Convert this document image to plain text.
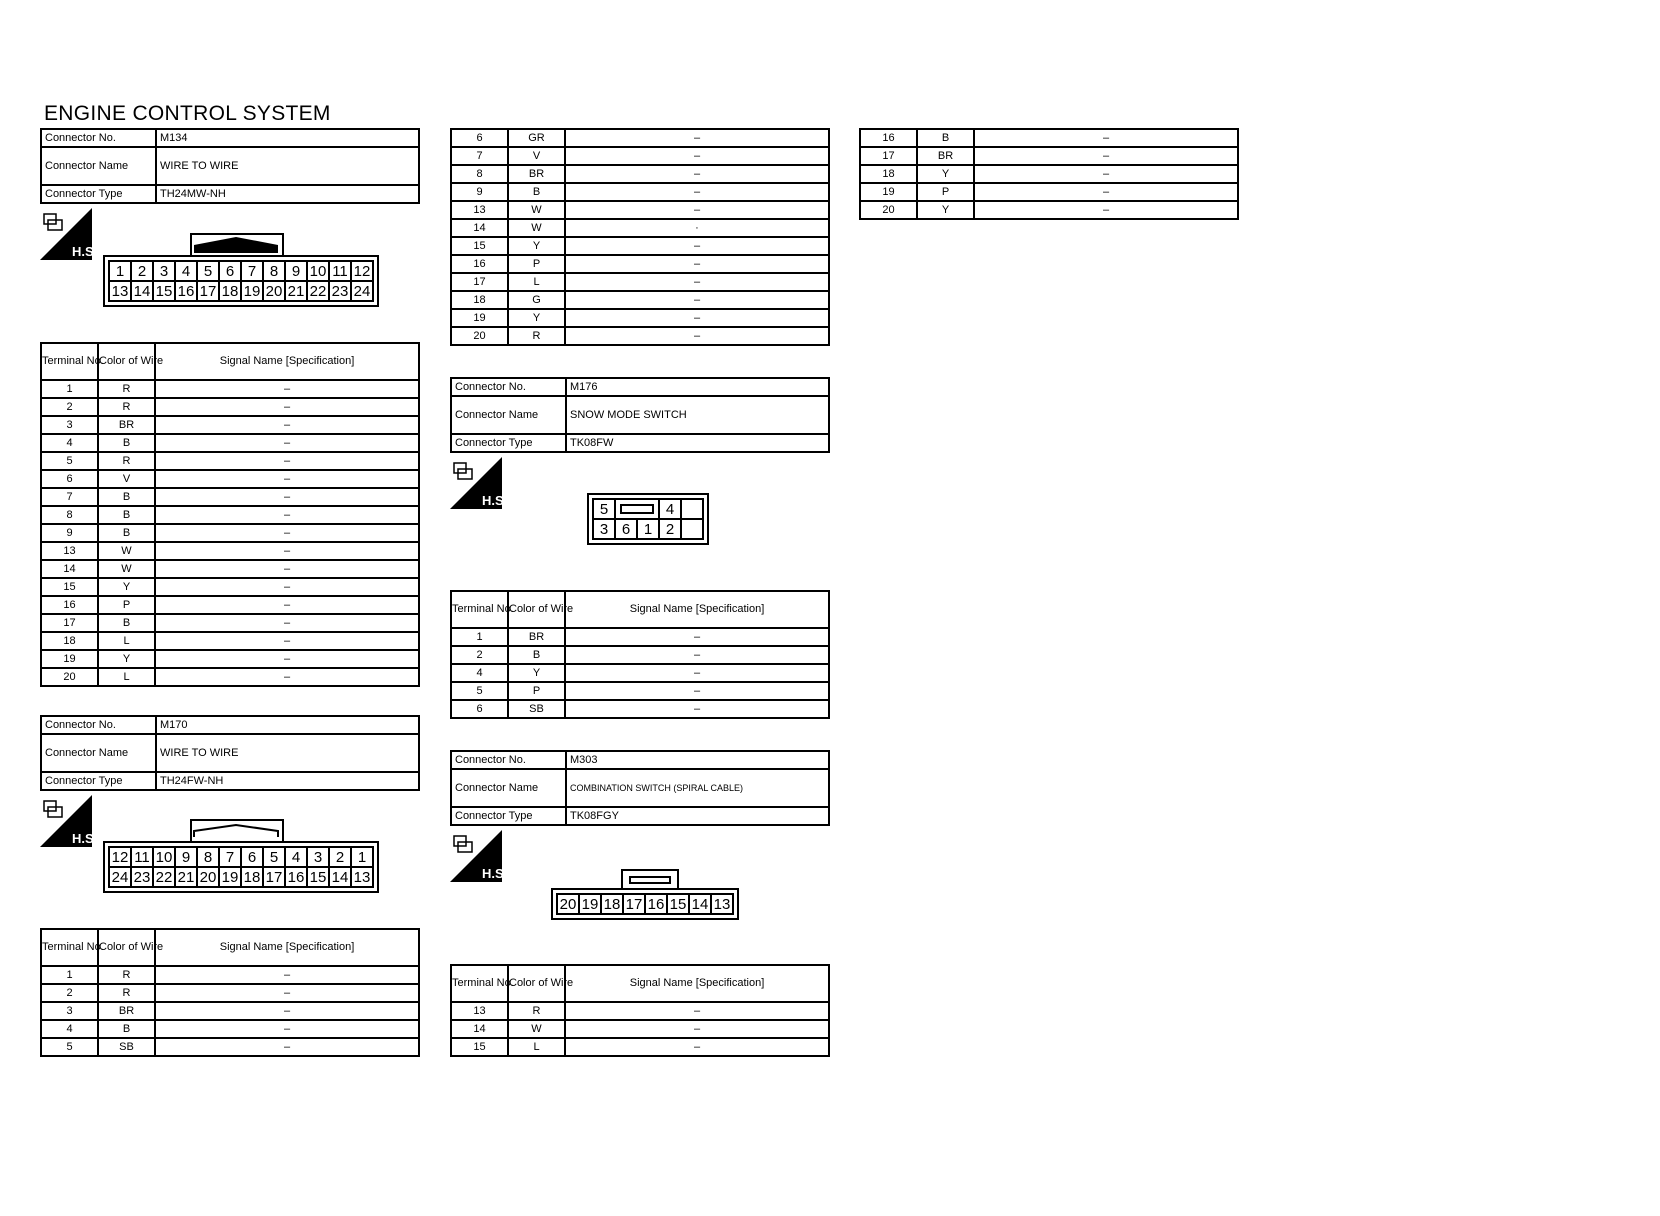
ENGINE CONTROL SYSTEM
Connector No.	M134
Connector Name	WIRE TO WIRE
Connector Type	TH24MW-NH
H.S.
1	2	3	4	5	6	7	8	9	10	11	12
13	14	15	16	17	18	19	20	21	22	23	24
Terminal No.	Color of Wire	Signal Name [Specification]
1	R	–
2	R	–
3	BR	–
4	B	–
5	R	–
6	V	–
7	B	–
8	B	–
9	B	–
13	W	–
14	W	–
15	Y	–
16	P	–
17	B	–
18	L	–
19	Y	–
20	L	–
Connector No.	M170
Connector Name	WIRE TO WIRE
Connector Type	TH24FW-NH
H.S.
12	11	10	9	8	7	6	5	4	3	2	1
24	23	22	21	20	19	18	17	16	15	14	13
Terminal No.	Color of Wire	Signal Name [Specification]
1	R	–
2	R	–
3	BR	–
4	B	–
5	SB	–
6	GR	–
7	V	–
8	BR	–
9	B	–
13	W	–
14	W	·
15	Y	–
16	P	–
17	L	–
18	G	–
19	Y	–
20	R	–
Connector No.	M176
Connector Name	SNOW MODE SWITCH
Connector Type	TK08FW
H.S.	5			4	
3	6	1	2	
Terminal No.	Color of Wire	Signal Name [Specification]
1	BR	–
2	B	–
4	Y	–
5	P	–
6	SB	–
Connector No.	M303
Connector Name	COMBINATION SWITCH (SPIRAL CABLE)
Connector Type	TK08FGY
H.S.
20	19	18	17	16	15	14	13
Terminal No.	Color of Wire	Signal Name [Specification]
13	R	–
14	W	–
15	L	–
16	B	–
17	BR	–
18	Y	–
19	P	–
20	Y	–
